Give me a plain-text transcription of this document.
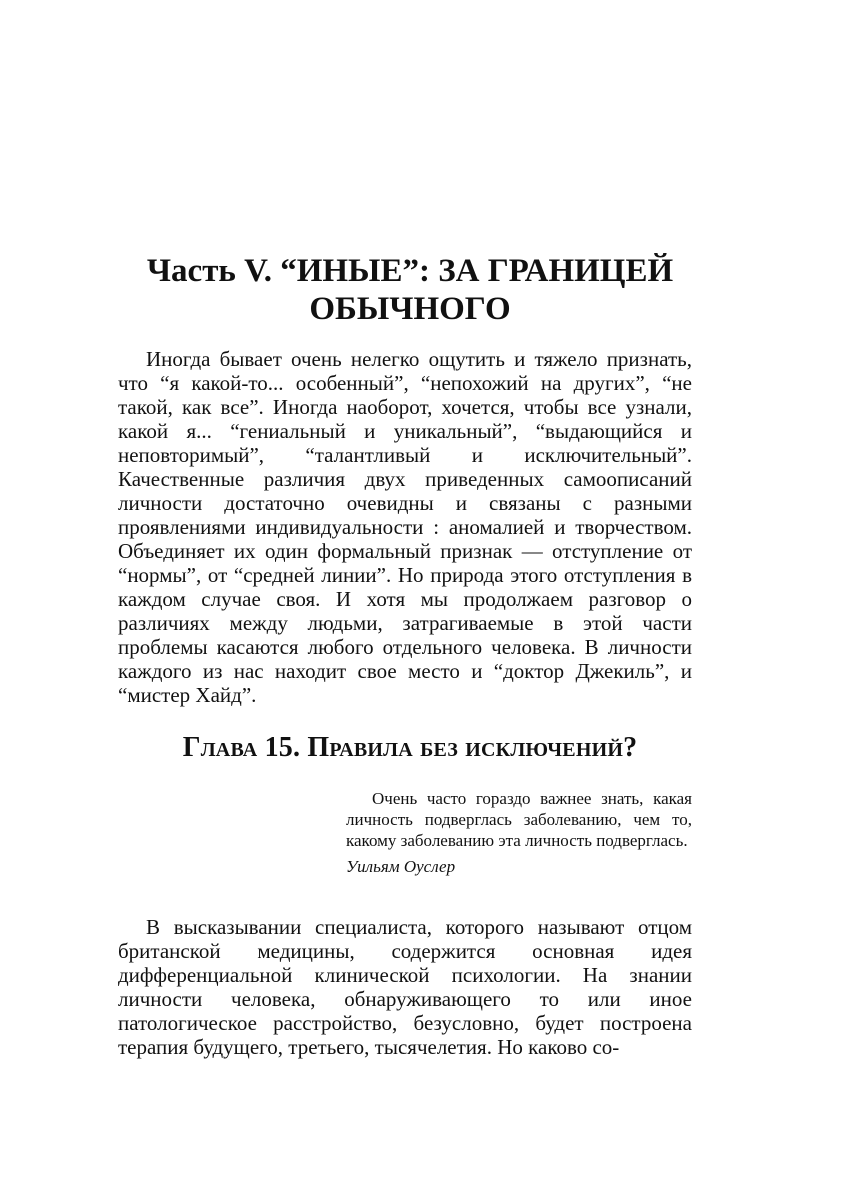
Часть V. “ИНЫЕ”: ЗА ГРАНИЦЕЙ ОБЫЧНОГО

Иногда бывает очень нелегко ощутить и тяжело признать, что “я какой-то... особенный”, “непохожий на других”, “не такой, как все”. Иногда наоборот, хочется, чтобы все узнали, какой я... “гениальный и уникальный”, “выдающийся и неповторимый”, “талантливый и исключительный”. Качественные различия двух приведенных самоописаний личности достаточно очевидны и связаны с разными проявлениями индивидуальности : аномалией и творчеством. Объединяет их один формальный признак — отступление от “нормы”, от “средней линии”. Но природа этого отступления в каждом случае своя. И хотя мы продолжаем разговор о различиях между людьми, затрагиваемые в этой части проблемы касаются любого отдельного человека. В личности каждого из нас находит свое место и “доктор Джекиль”, и “мистер Хайд”.

Глава 15. Правила без исключений?

Очень часто гораздо важнее знать, какая личность подверглась заболеванию, чем то, какому заболеванию эта личность подверглась.

Уильям Оуслер

В высказывании специалиста, которого называют отцом британской медицины, содержится основная идея дифференциальной клинической психологии. На знании личности человека, обнаруживающего то или иное патологическое расстройство, безусловно, будет построена терапия будущего, третьего, тысячелетия. Но каково со-
